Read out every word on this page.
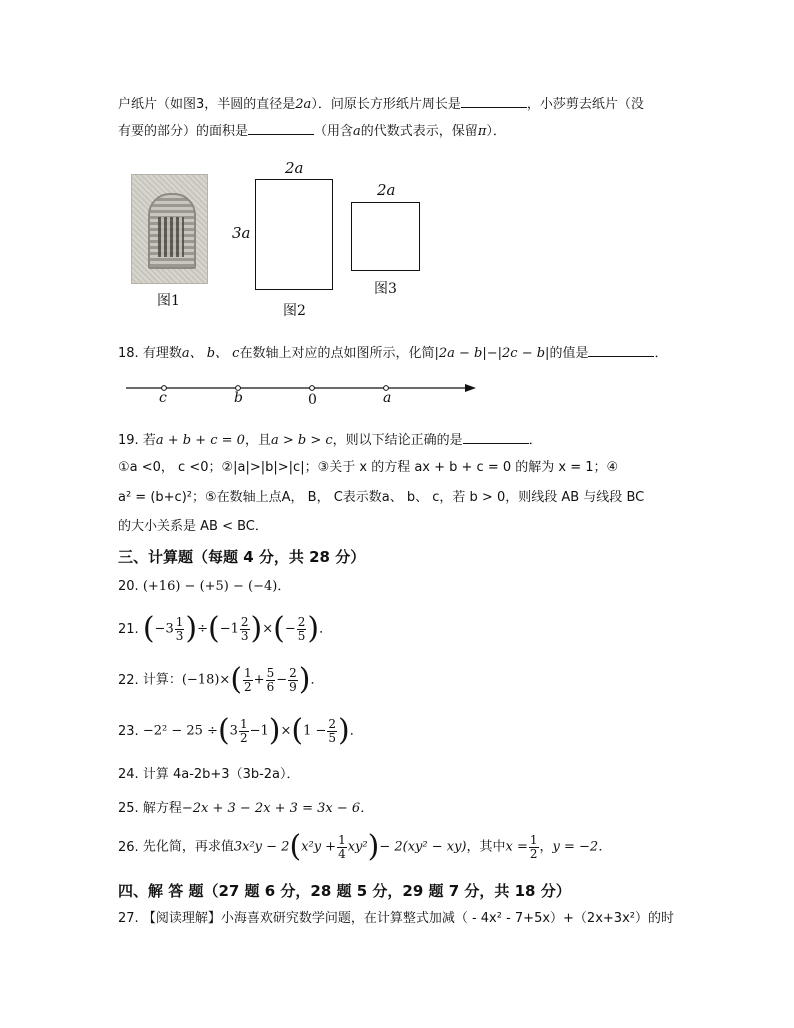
户纸片（如图3，半圆的直径是2a）．问原长方形纸片周长是	，小莎剪去纸片（没
有要的部分）的面积是	（用含a的代数式表示，保留π）．
图1
2a
3a
图2
2a
图3
18. 有理数a、 b、 c在数轴上对应的点如图所示，化简|2a − b|−|2c − b|的值是	．
c	b	0	a
19. 若a + b + c = 0，且a > b > c，则以下结论正确的是	．
①a <0， c <0；②|a|>|b|>|c|；③关于 x 的方程 ax + b + c = 0 的解为 x = 1；④
a² = (b+c)²；⑤在数轴上点A， B， C表示数a、 b、 c，若 b > 0，则线段 AB 与线段 BC
的大小关系是 AB < BC．
三、计算题（每题 4 分，共 28 分）
20. (+16) − (+5) − (−4)．
21. $(-3 \frac{1}{3} )\div(-1 \frac{2}{3}$ )×(− $\frac{2}{5}$ )．
22. 计算：$(-18)\times( \frac{1}{2} + \frac{5}{6} - \frac{2}{9}$ )．
23. $-2^2 - 25 \div(3 \frac{1}{2} -1)\times(1 - \frac{2}{5}$ )．
24. 计算 4a-2b+3（3b-2a）．
25. 解方程−2x + 3 − 2x + 3 = 3x − 6．
26. 先化简，再求值$3x^2y - 2(x^2y + \frac{1}{4} xy^2)- 2(xy^2 - xy)$，其中$x = \frac{1}{2}$ ，y = −2．
四、解 答 题（27 题 6 分，28 题 5 分，29 题 7 分，共 18 分）
27. 【阅读理解】小海喜欢研究数学问题，在计算整式加减（ - 4x² - 7+5x）+（2x+3x²）的时
